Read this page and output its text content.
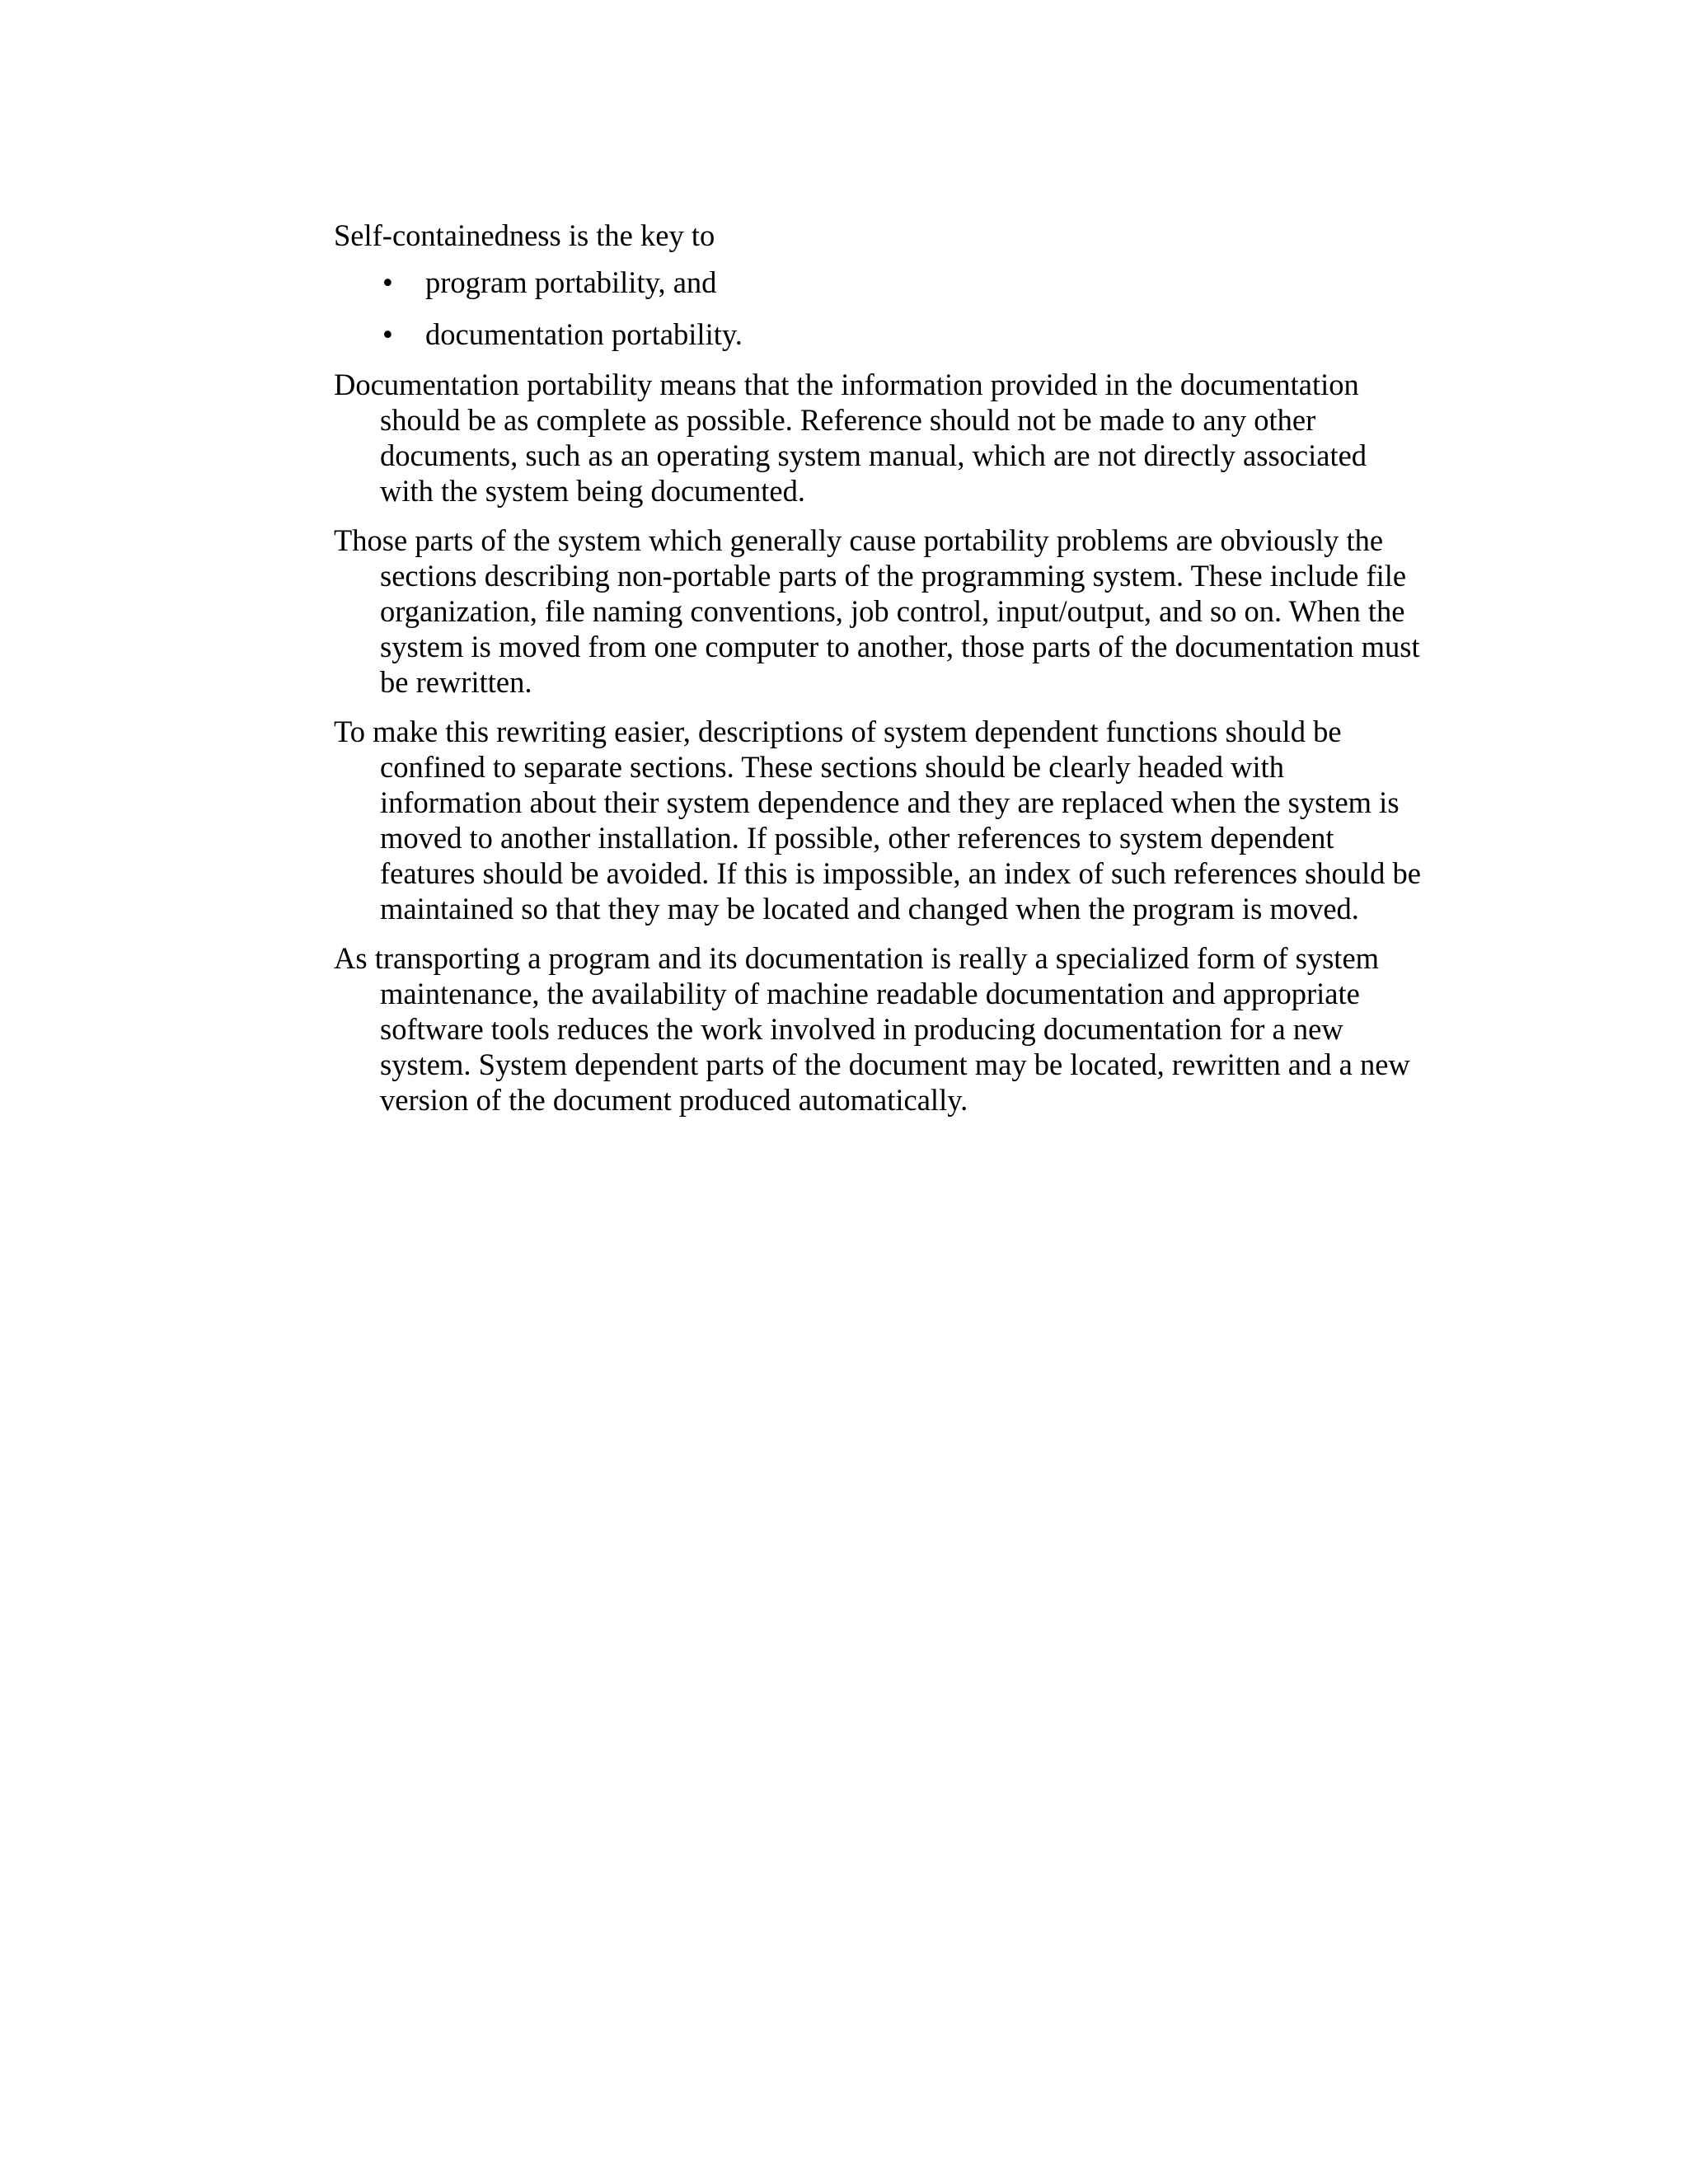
Self-containedness is the key to

• program portability, and
• documentation portability.

Documentation portability means that the information provided in the documentation should be as complete as possible. Reference should not be made to any other documents, such as an operating system manual, which are not directly associated with the system being documented.

Those parts of the system which generally cause portability problems are obviously the sections describing non-portable parts of the programming system. These include file organization, file naming conventions, job control, input/output, and so on. When the system is moved from one computer to another, those parts of the documentation must be rewritten.

To make this rewriting easier, descriptions of system dependent functions should be confined to separate sections. These sections should be clearly headed with information about their system dependence and they are replaced when the system is moved to another installation. If possible, other references to system dependent features should be avoided. If this is impossible, an index of such references should be maintained so that they may be located and changed when the program is moved.

As transporting a program and its documentation is really a specialized form of system maintenance, the availability of machine readable documentation and appropriate software tools reduces the work involved in producing documentation for a new system. System dependent parts of the document may be located, rewritten and a new version of the document produced automatically.
